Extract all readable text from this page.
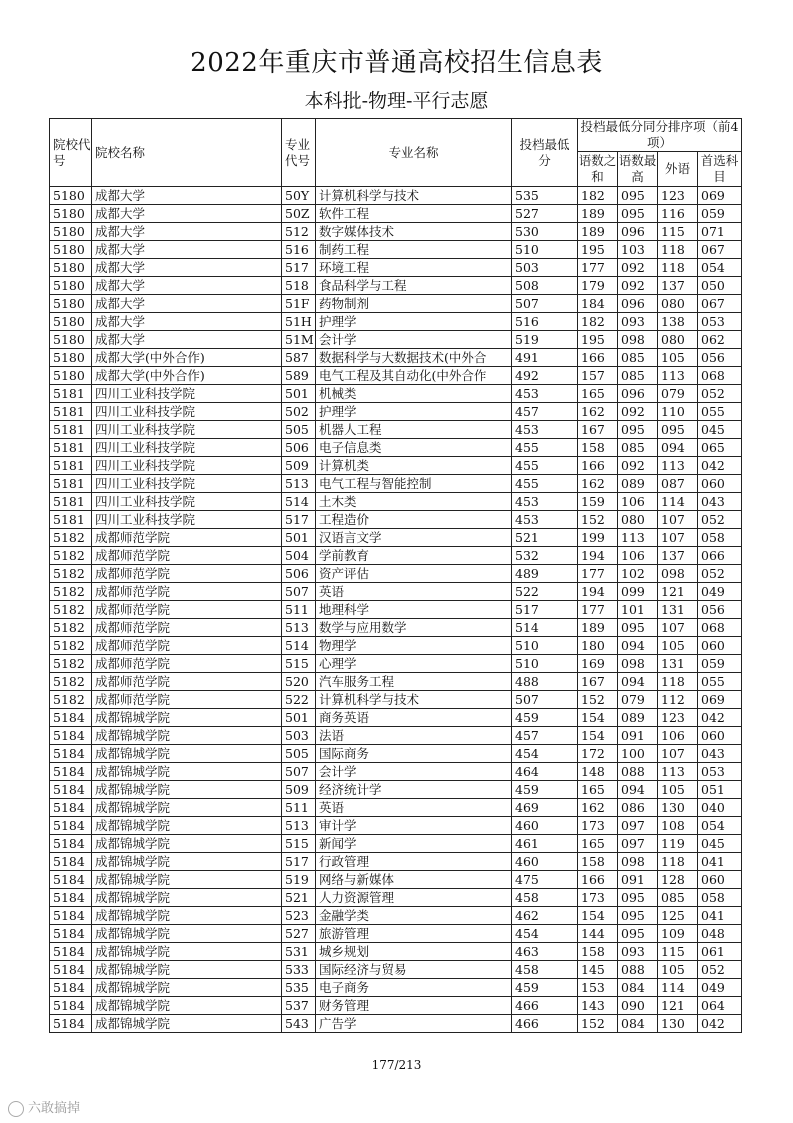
2022年重庆市普通高校招生信息表
本科批-物理-平行志愿
院校代号	院校名称	专业代号	专业名称	投档最低分	投档最低分同分排序项（前4项）			
					语数之和	语数最高	外语	首选科目
5180	成都大学	50Y	计算机科学与技术	535	182	095	123	069
5180	成都大学	50Z	软件工程	527	189	095	116	059
5180	成都大学	512	数字媒体技术	530	189	096	115	071
5180	成都大学	516	制药工程	510	195	103	118	067
5180	成都大学	517	环境工程	503	177	092	118	054
5180	成都大学	518	食品科学与工程	508	179	092	137	050
5180	成都大学	51F	药物制剂	507	184	096	080	067
5180	成都大学	51H	护理学	516	182	093	138	053
5180	成都大学	51M	会计学	519	195	098	080	062
5180	成都大学(中外合作)	587	数据科学与大数据技术(中外合	491	166	085	105	056
5180	成都大学(中外合作)	589	电气工程及其自动化(中外合作	492	157	085	113	068
5181	四川工业科技学院	501	机械类	453	165	096	079	052
5181	四川工业科技学院	502	护理学	457	162	092	110	055
5181	四川工业科技学院	505	机器人工程	453	167	095	095	045
5181	四川工业科技学院	506	电子信息类	455	158	085	094	065
5181	四川工业科技学院	509	计算机类	455	166	092	113	042
5181	四川工业科技学院	513	电气工程与智能控制	455	162	089	087	060
5181	四川工业科技学院	514	土木类	453	159	106	114	043
5181	四川工业科技学院	517	工程造价	453	152	080	107	052
5182	成都师范学院	501	汉语言文学	521	199	113	107	058
5182	成都师范学院	504	学前教育	532	194	106	137	066
5182	成都师范学院	506	资产评估	489	177	102	098	052
5182	成都师范学院	507	英语	522	194	099	121	049
5182	成都师范学院	511	地理科学	517	177	101	131	056
5182	成都师范学院	513	数学与应用数学	514	189	095	107	068
5182	成都师范学院	514	物理学	510	180	094	105	060
5182	成都师范学院	515	心理学	510	169	098	131	059
5182	成都师范学院	520	汽车服务工程	488	167	094	118	055
5182	成都师范学院	522	计算机科学与技术	507	152	079	112	069
5184	成都锦城学院	501	商务英语	459	154	089	123	042
5184	成都锦城学院	503	法语	457	154	091	106	060
5184	成都锦城学院	505	国际商务	454	172	100	107	043
5184	成都锦城学院	507	会计学	464	148	088	113	053
5184	成都锦城学院	509	经济统计学	459	165	094	105	051
5184	成都锦城学院	511	英语	469	162	086	130	040
5184	成都锦城学院	513	审计学	460	173	097	108	054
5184	成都锦城学院	515	新闻学	461	165	097	119	045
5184	成都锦城学院	517	行政管理	460	158	098	118	041
5184	成都锦城学院	519	网络与新媒体	475	166	091	128	060
5184	成都锦城学院	521	人力资源管理	458	173	095	085	058
5184	成都锦城学院	523	金融学类	462	154	095	125	041
5184	成都锦城学院	527	旅游管理	454	144	095	109	048
5184	成都锦城学院	531	城乡规划	463	158	093	115	061
5184	成都锦城学院	533	国际经济与贸易	458	145	088	105	052
5184	成都锦城学院	535	电子商务	459	153	084	114	049
5184	成都锦城学院	537	财务管理	466	143	090	121	064
5184	成都锦城学院	543	广告学	466	152	084	130	042
177/213
六敢搞掉
